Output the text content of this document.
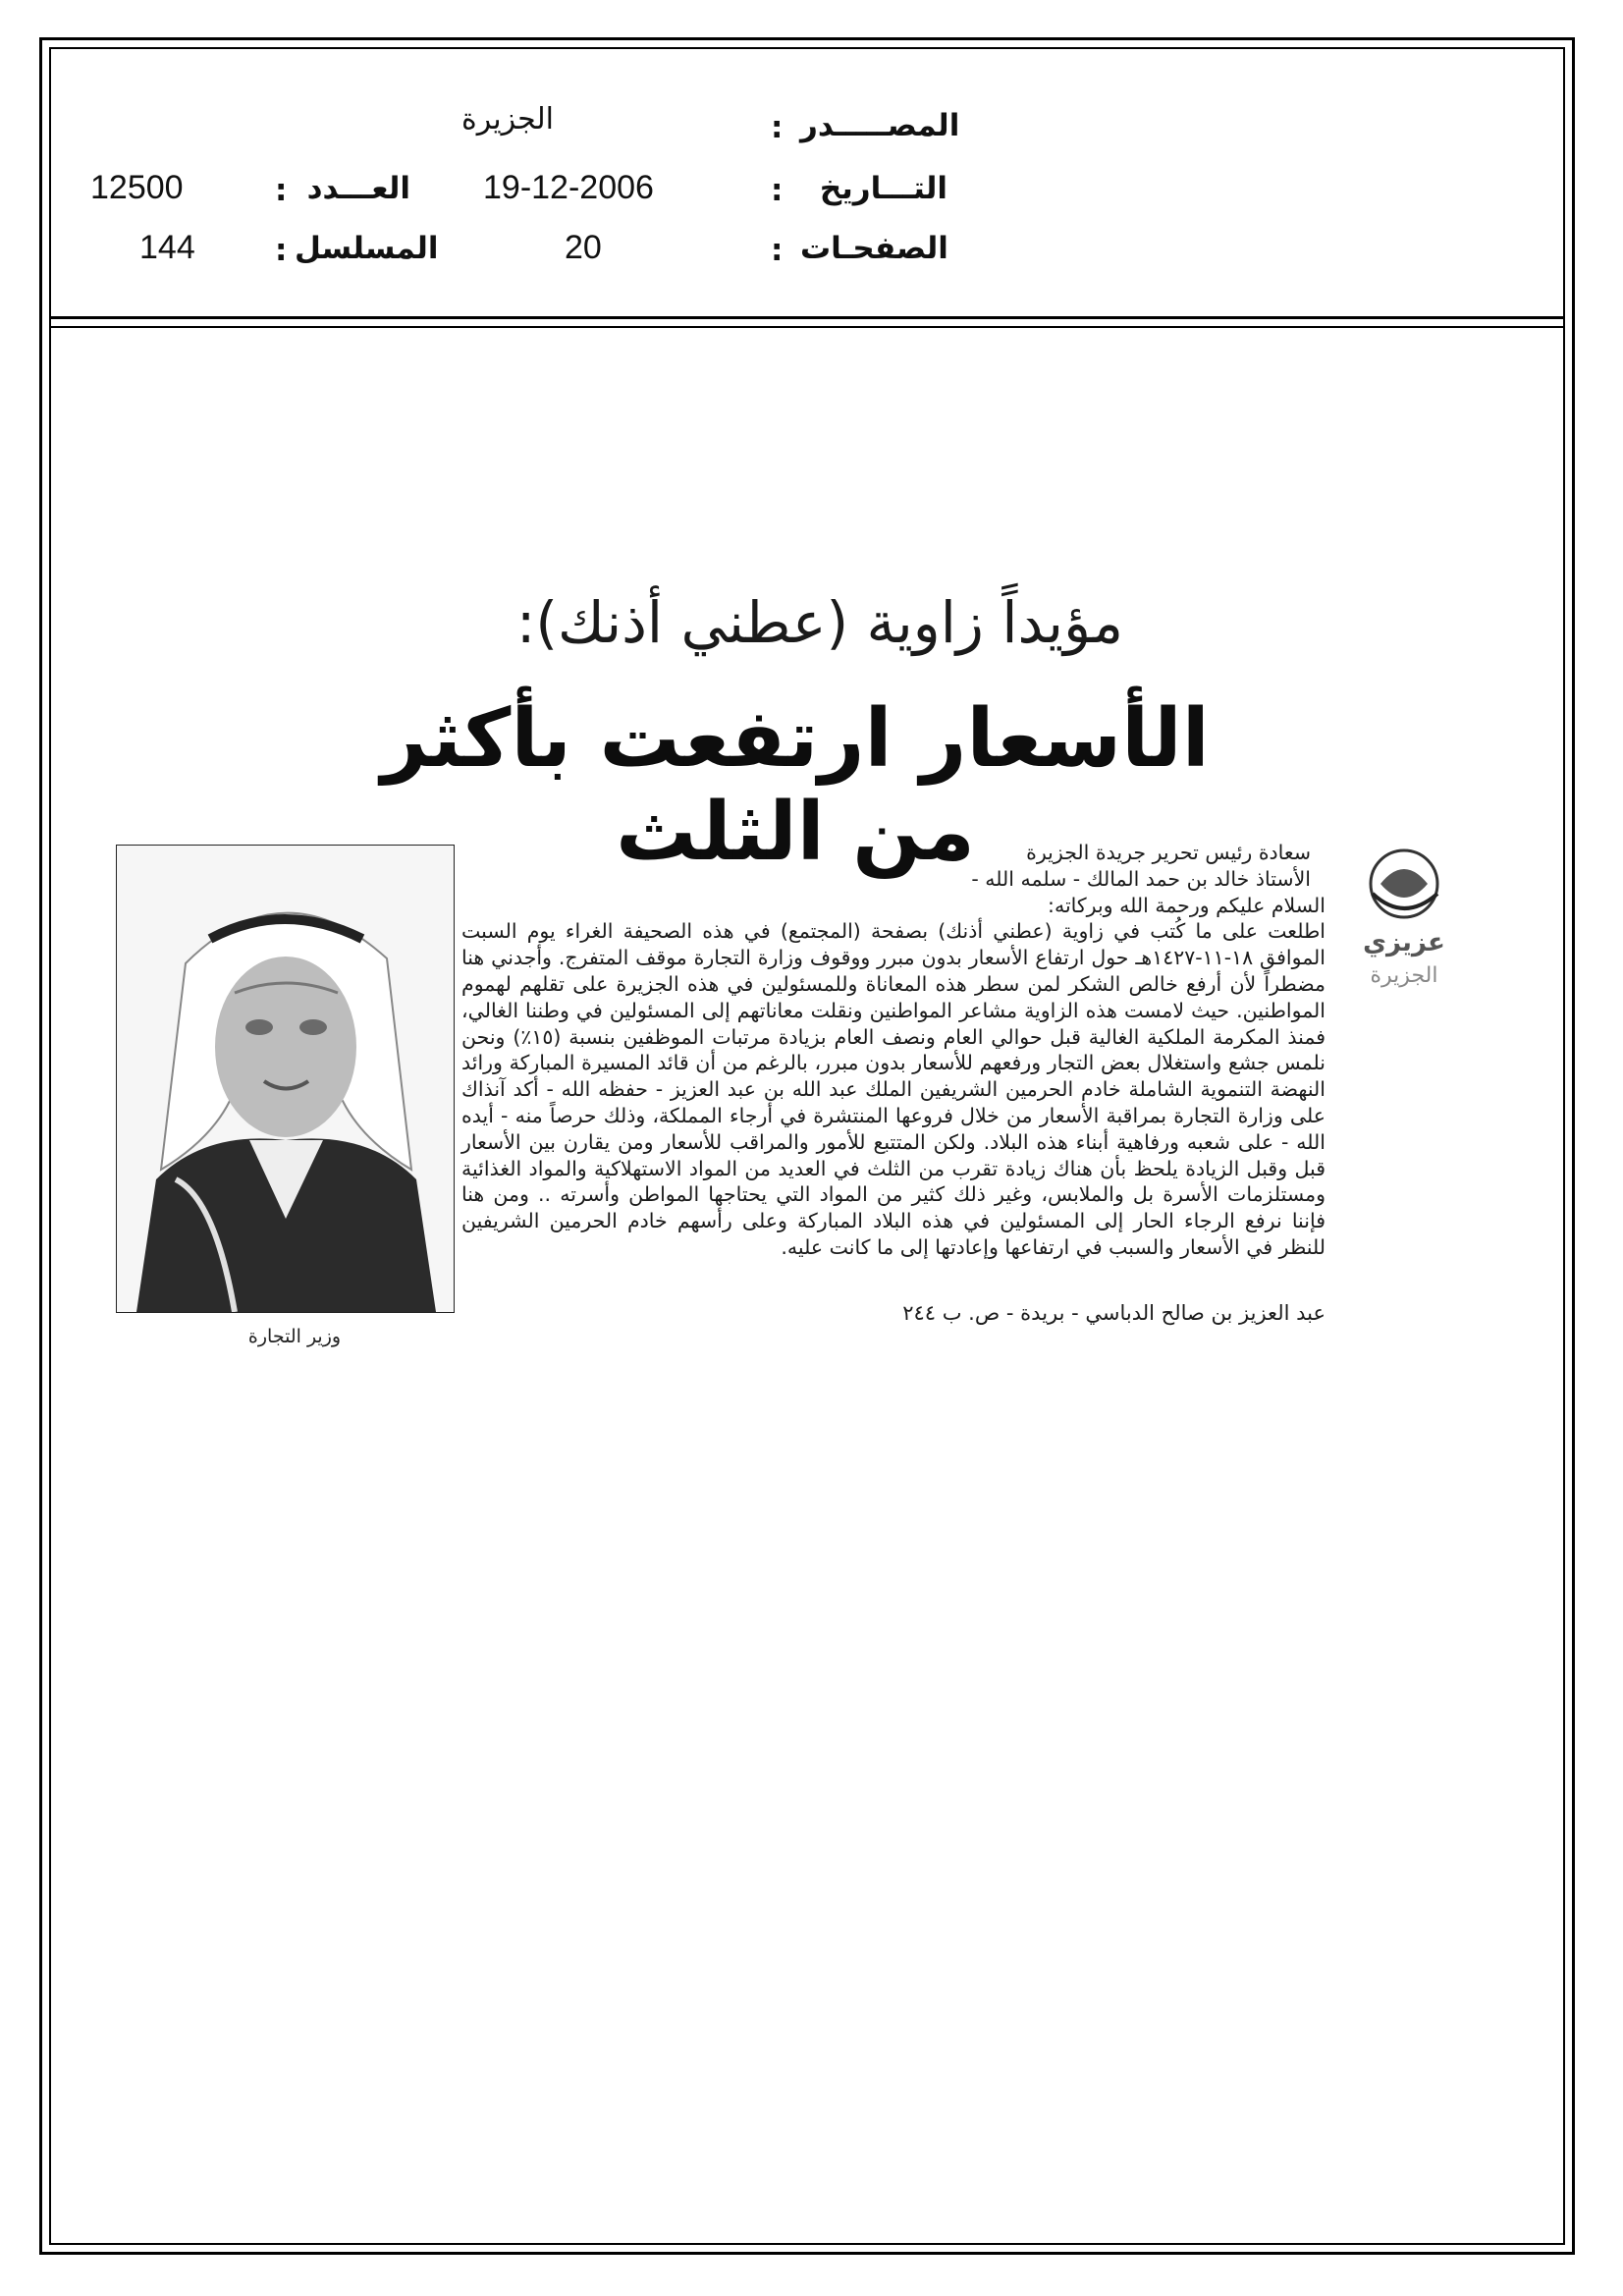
الجزيرة	: المصـــــدر
19-12-2006	:	التـــاريخ
20	: الصفحـات
12500	: العـــدد
144	: المسلسل
مؤيداً زاوية (عطني أذنك):
الأسعار ارتفعت بأكثر من الثلث
وزير التجارة
عزيزي
الجزيرة

سعادة رئيس تحرير جريدة الجزيرة

الأستاذ خالد بن حمد المالك - سلمه الله -

السلام عليكم ورحمة الله وبركاته:

اطلعت على ما كُتب في زاوية (عطني أذنك) بصفحة (المجتمع) في هذه الصحيفة الغراء يوم السبت الموافق ١٨-١١-١٤٢٧هـ حول ارتفاع الأسعار بدون مبرر ووقوف وزارة التجارة موقف المتفرج. وأجدني هنا مضطراً لأن أرفع خالص الشكر لمن سطر هذه المعاناة وللمسئولين في هذه الجزيرة على تقلهم لهموم المواطنين. حيث لامست هذه الزاوية مشاعر المواطنين ونقلت معاناتهم إلى المسئولين في وطننا الغالي، فمنذ المكرمة الملكية الغالية قبل حوالي العام ونصف العام بزيادة مرتبات الموظفين بنسبة (١٥٪) ونحن نلمس جشع واستغلال بعض التجار ورفعهم للأسعار بدون مبرر، بالرغم من أن قائد المسيرة المباركة ورائد النهضة التنموية الشاملة خادم الحرمين الشريفين الملك عبد الله بن عبد العزيز - حفظه الله - أكد آنذاك على وزارة التجارة بمراقبة الأسعار من خلال فروعها المنتشرة في أرجاء المملكة، وذلك حرصاً منه - أيده الله - على شعبه ورفاهية أبناء هذه البلاد. ولكن المتتبع للأمور والمراقب للأسعار ومن يقارن بين الأسعار قبل وقبل الزيادة يلحظ بأن هناك زيادة تقرب من الثلث في العديد من المواد الاستهلاكية والمواد الغذائية ومستلزمات الأسرة بل والملابس، وغير ذلك كثير من المواد التي يحتاجها المواطن وأسرته .. ومن هنا فإننا نرفع الرجاء الحار إلى المسئولين في هذه البلاد المباركة وعلى رأسهم خادم الحرمين الشريفين للنظر في الأسعار والسبب في ارتفاعها وإعادتها إلى ما كانت عليه.

عبد العزيز بن صالح الدباسي - بريدة - ص. ب ٢٤٤
